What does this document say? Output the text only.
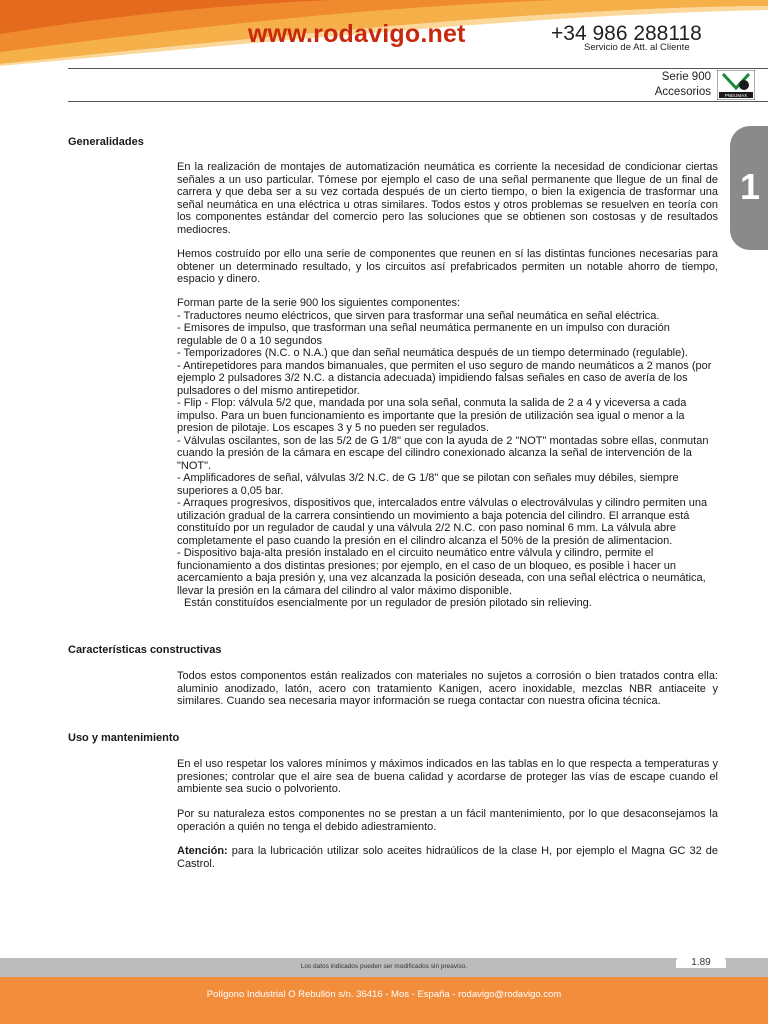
www.rodavigo.net	+34 986 288118
Servicio de Att. al Cliente
Serie 900
Accesorios	PNEUMAX
1
Generalidades

En la realización de montajes de automatización neumática es corriente la necesidad de condicionar ciertas señales a un uso particular. Tómese por ejemplo el caso de una señal permanente que llegue de un final de carrera y que deba ser a su vez cortada después de un cierto tiempo, o bien la exigencia de trasformar una señal neumática en una eléctrica u otras similares. Todos estos y otros problemas se resuelven en teoría con los componentes estándar del comercio pero las soluciones que se obtienen son costosas y de resultados mediocres.

Hemos costruído por ello una serie de componentes que reunen en sí las distintas funciones necesarias para obtener un determinado resultado, y los circuitos así prefabricados permiten un notable ahorro de tiempo, espacio y dinero.

Forman parte de la serie 900 los siguientes componentes:
- Traductores neumo eléctricos, que sirven para trasformar una señal neumática en señal eléctrica.
- Emisores de impulso, que trasforman una señal neumática permanente en un impulso con duración regulable de 0 a 10 segundos
- Temporizadores (N.C. o N.A.) que dan señal neumática después de un tiempo determinado (regulable).
- Antirepetidores para mandos bimanuales, que permiten el uso seguro de mando neumáticos a 2 manos (por ejemplo 2 pulsadores 3/2 N.C. a distancia adecuada) impidiendo falsas señales en caso de avería de los pulsadores o del mismo antirepetidor.
- Flip - Flop: válvula 5/2 que, mandada por una sola señal, conmuta la salida de 2 a 4 y viceversa a cada impulso. Para un buen funcionamiento es importante que la presión de utilización sea igual o menor a la presion de pilotaje. Los escapes 3 y 5 no pueden ser regulados.
- Válvulas oscilantes, son de las 5/2 de G 1/8" que con la ayuda de 2 "NOT" montadas sobre ellas, conmutan cuando la presión de la cámara en escape del cilindro conexionado alcanza la señal de intervención de la "NOT".
- Amplificadores de señal, válvulas 3/2 N.C. de G 1/8" que se pilotan con señales muy débiles, siempre superiores a 0,05 bar.
- Arraques progresivos, dispositivos que, intercalados entre válvulas o electroválvulas y cilindro permiten una utilización gradual de la carrera consintiendo un movimiento a baja potencia del cilindro. El arranque está constituído por un regulador de caudal y una válvula 2/2 N.C. con paso nominal 6 mm. La válvula abre completamente el paso cuando la presión en el cilindro alcanza el 50% de la presión de alimentacion.
- Dispositivo baja-alta presión instalado en el circuito neumático entre válvula y cilindro, permite el funcionamiento a dos distintas presiones; por ejemplo, en el caso de un bloqueo, es posible ì hacer un acercamiento a baja presión y, una vez alcanzada la posición deseada, con una señal eléctrica o neumática, llevar la presión en la cámara del cilindro al valor máximo disponible.
Están constituídos esencialmente por un regulador de presión pilotado sin relieving.
Características constructivas

Todos estos componentos están realizados con materiales no sujetos a corrosión o bien tratados contra ella: aluminio anodizado, latón, acero con tratamiento Kanigen, acero inoxidable, mezclas NBR antiaceite y similares. Cuando sea necesaria mayor información se ruega contactar con nuestra oficina técnica.

Uso y mantenimiento

En el uso respetar los valores mínimos y máximos indicados en las tablas en lo que respecta a temperaturas y presiones; controlar que el aire sea de buena calidad y acordarse de proteger las vías de escape cuando el ambiente sea sucio o polvoriento.

Por su naturaleza estos componentes no se prestan a un fácil mantenimiento, por lo que desaconsejamos la operación a quién no tenga el debido adiestramiento.

Atención: para la lubricación utilizar solo aceites hidraúlicos de la clase H, por ejemplo el Magna GC 32 de Castrol.

1.89
Los datos indicados pueden ser modificados sin preaviso.
Polígono Industrial O Rebullón s/n. 36416 - Mos - España - rodavigo@rodavigo.com
